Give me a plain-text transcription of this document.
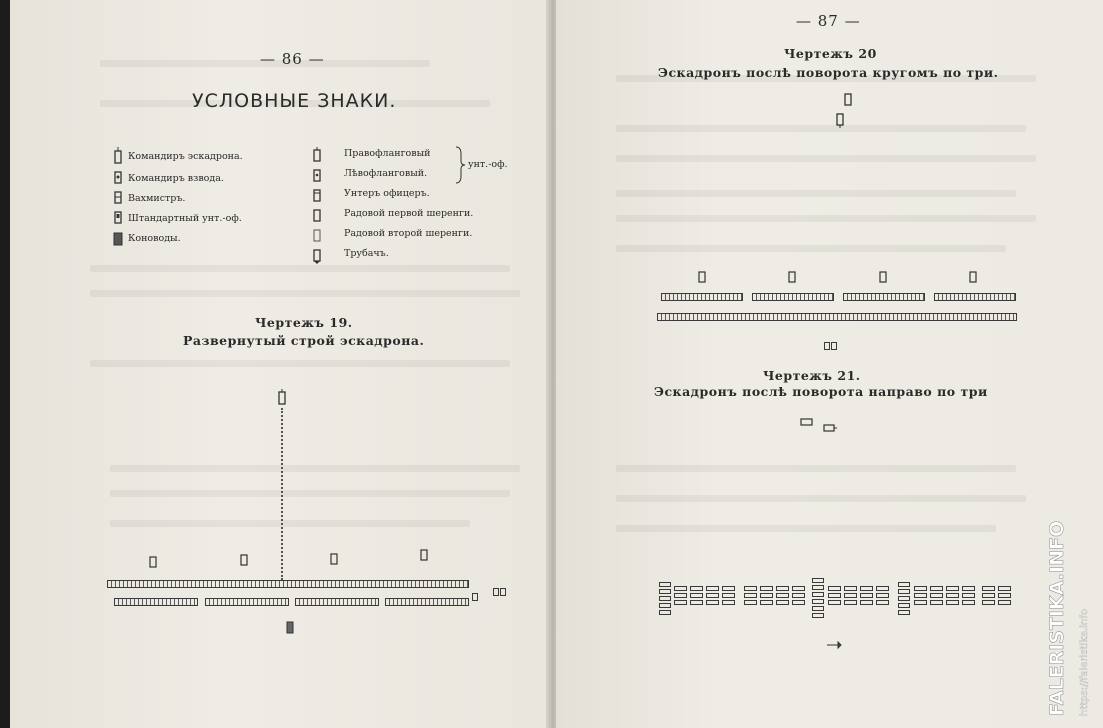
— 86 —
УСЛОВНЫЕ ЗНАКИ.
Командиръ эскадрона.
Командиръ взвода.
Вахмистръ.
Штандартный унт.-оф.
Коноводы.
Правофланговый
Лѣвофланговый.
унт.-оф.
Унтеръ офицеръ.
Радовой первой шеренги.
Радовой второй шеренги.
Трубачъ.
Чертежъ 19.
Развернутый строй эскадрона.
— 87 —
Чертежъ 20
Эскадронъ послѣ поворота кругомъ по три.
Чертежъ 21.
Эскадронъ послѣ поворота направо по три
FALERISTIKA.INFO https://faleristika.info
